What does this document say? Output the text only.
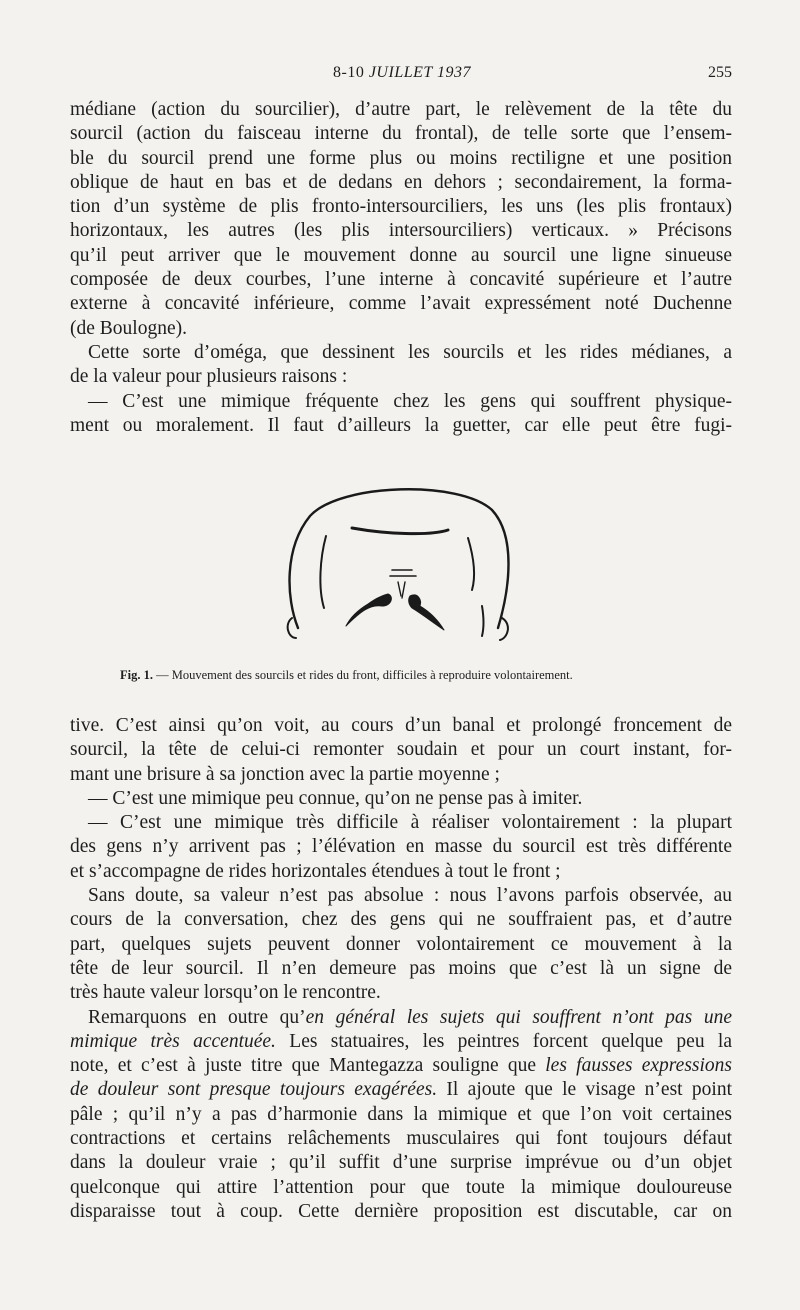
8-10 JUILLET 1937	255
médiane (action du sourcilier), d’autre part, le relèvement de la tête du
sourcil (action du faisceau interne du frontal), de telle sorte que l’ensem-
ble du sourcil prend une forme plus ou moins rectiligne et une position
oblique de haut en bas et de dedans en dehors ; secondairement, la forma-
tion d’un système de plis fronto-intersourciliers, les uns (les plis frontaux)
horizontaux, les autres (les plis intersourciliers) verticaux. » Précisons
qu’il peut arriver que le mouvement donne au sourcil une ligne sinueuse
composée de deux courbes, l’une interne à concavité supérieure et l’autre
externe à concavité inférieure, comme l’avait expressément noté Duchenne
(de Boulogne).
Cette sorte d’oméga, que dessinent les sourcils et les rides médianes, a
de la valeur pour plusieurs raisons :
— C’est une mimique fréquente chez les gens qui souffrent physique-
ment ou moralement. Il faut d’ailleurs la guetter, car elle peut être fugi-
Fig. 1. — Mouvement des sourcils et rides du front, difficiles à reproduire volontairement.
tive. C’est ainsi qu’on voit, au cours d’un banal et prolongé froncement de
sourcil, la tête de celui-ci remonter soudain et pour un court instant, for-
mant une brisure à sa jonction avec la partie moyenne ;
— C’est une mimique peu connue, qu’on ne pense pas à imiter.
— C’est une mimique très difficile à réaliser volontairement : la plupart
des gens n’y arrivent pas ; l’élévation en masse du sourcil est très différente
et s’accompagne de rides horizontales étendues à tout le front ;
Sans doute, sa valeur n’est pas absolue : nous l’avons parfois observée, au
cours de la conversation, chez des gens qui ne souffraient pas, et d’autre
part, quelques sujets peuvent donner volontairement ce mouvement à la
tête de leur sourcil. Il n’en demeure pas moins que c’est là un signe de
très haute valeur lorsqu’on le rencontre.
Remarquons en outre qu’en général les sujets qui souffrent n’ont pas une
mimique très accentuée. Les statuaires, les peintres forcent quelque peu la
note, et c’est à juste titre que Mantegazza souligne que les fausses expressions
de douleur sont presque toujours exagérées. Il ajoute que le visage n’est point
pâle ; qu’il n’y a pas d’harmonie dans la mimique et que l’on voit certaines
contractions et certains relâchements musculaires qui font toujours défaut
dans la douleur vraie ; qu’il suffit d’une surprise imprévue ou d’un objet
quelconque qui attire l’attention pour que toute la mimique douloureuse
disparaisse tout à coup. Cette dernière proposition est discutable, car on
